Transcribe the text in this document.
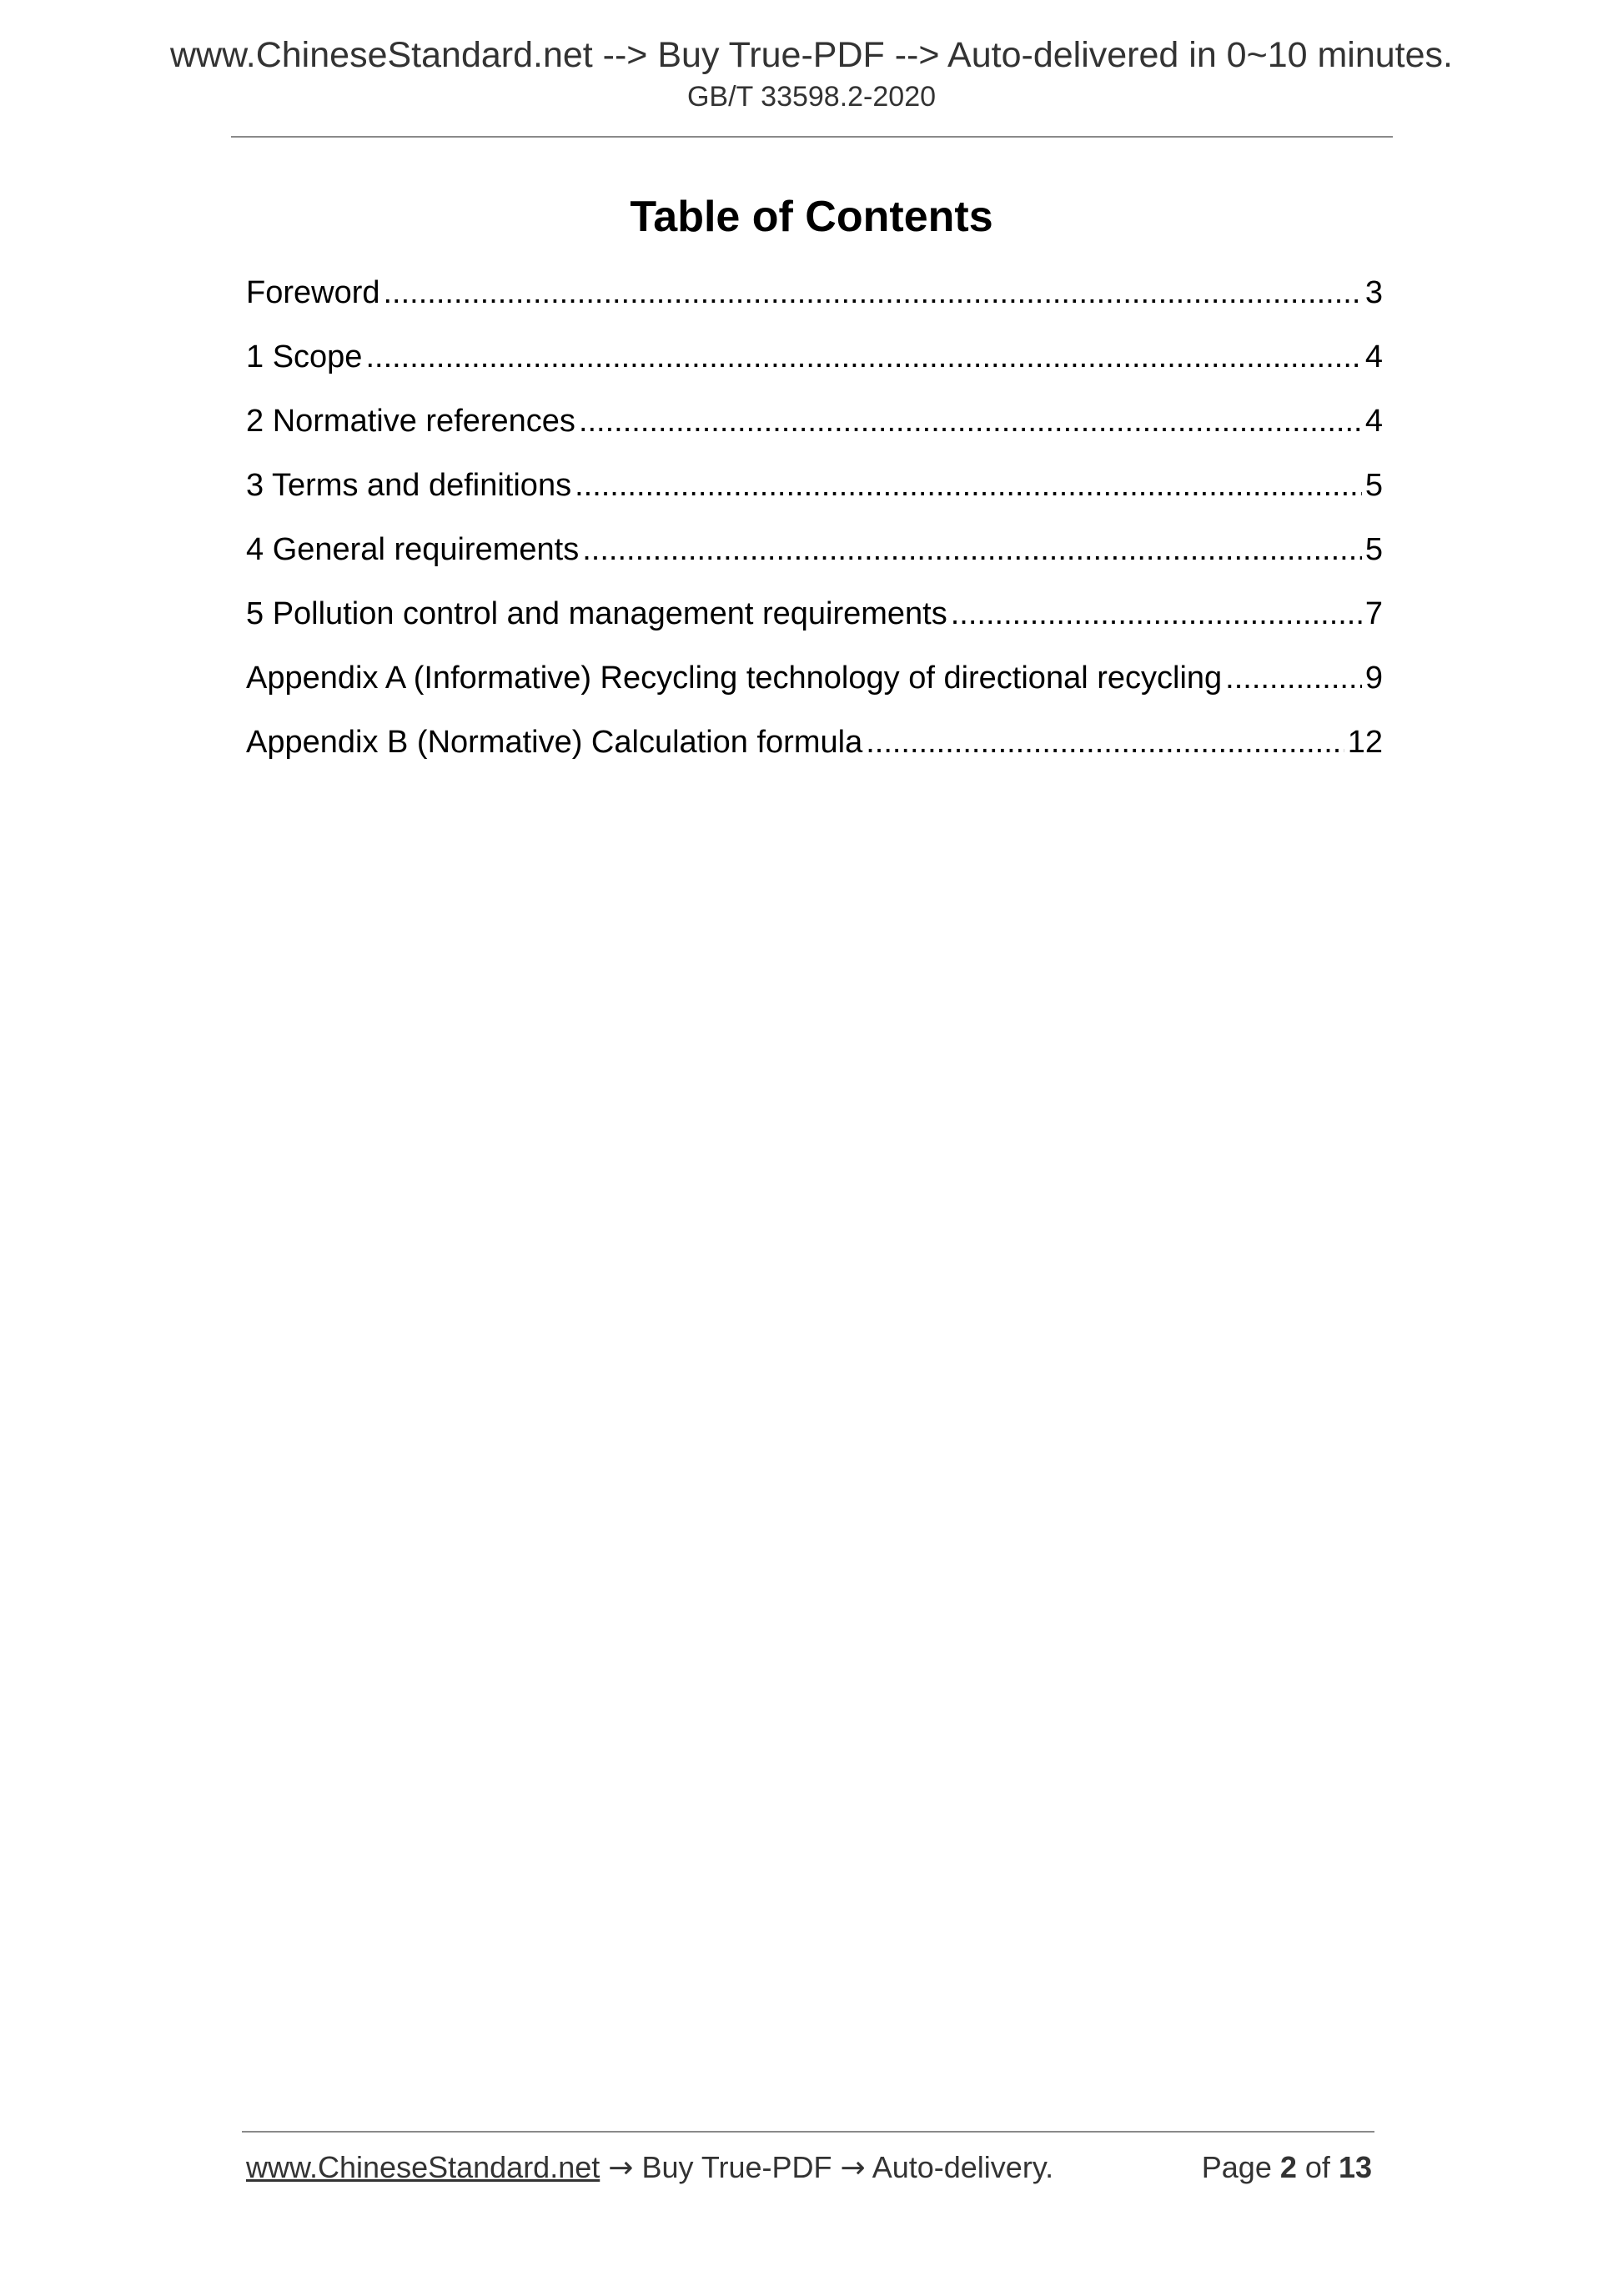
www.ChineseStandard.net --> Buy True-PDF --> Auto-delivered in 0~10 minutes.
GB/T 33598.2-2020
Table of Contents
Foreword .....	3
1 Scope .....	4
2 Normative references .....	4
3 Terms and definitions .....	5
4 General requirements .....	5
5 Pollution control and management requirements .....	7
Appendix A (Informative) Recycling technology of directional recycling .....	9
Appendix B (Normative) Calculation formula .....	12
www.ChineseStandard.net → Buy True-PDF → Auto-delivery.	Page 2 of 13
